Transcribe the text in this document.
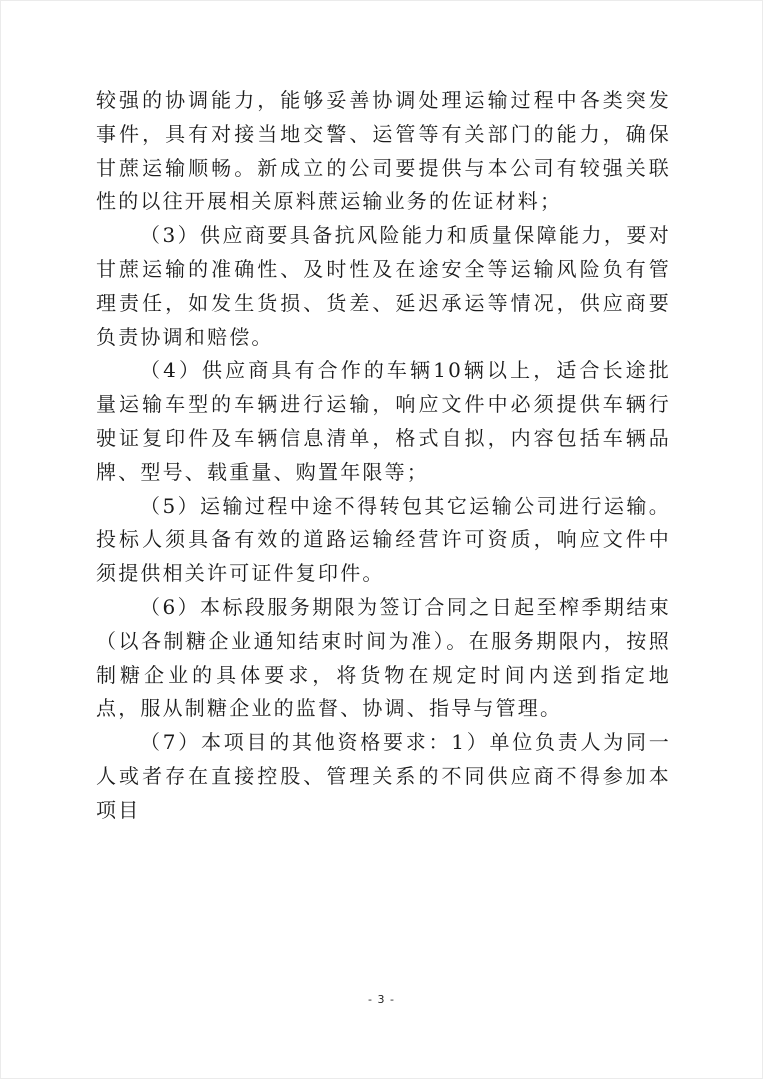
较强的协调能力，能够妥善协调处理运输过程中各类突发事件，具有对接当地交警、运管等有关部门的能力，确保甘蔗运输顺畅。新成立的公司要提供与本公司有较强关联性的以往开展相关原料蔗运输业务的佐证材料；

（3）供应商要具备抗风险能力和质量保障能力，要对甘蔗运输的准确性、及时性及在途安全等运输风险负有管理责任，如发生货损、货差、延迟承运等情况，供应商要负责协调和赔偿。

（4）供应商具有合作的车辆10辆以上，适合长途批量运输车型的车辆进行运输，响应文件中必须提供车辆行驶证复印件及车辆信息清单，格式自拟，内容包括车辆品牌、型号、载重量、购置年限等；

（5）运输过程中途不得转包其它运输公司进行运输。投标人须具备有效的道路运输经营许可资质，响应文件中须提供相关许可证件复印件。

（6）本标段服务期限为签订合同之日起至榨季期结束（以各制糖企业通知结束时间为准）。在服务期限内，按照制糖企业的具体要求，将货物在规定时间内送到指定地点，服从制糖企业的监督、协调、指导与管理。

（7）本项目的其他资格要求：1）单位负责人为同一人或者存在直接控股、管理关系的不同供应商不得参加本项目

- 3 -
